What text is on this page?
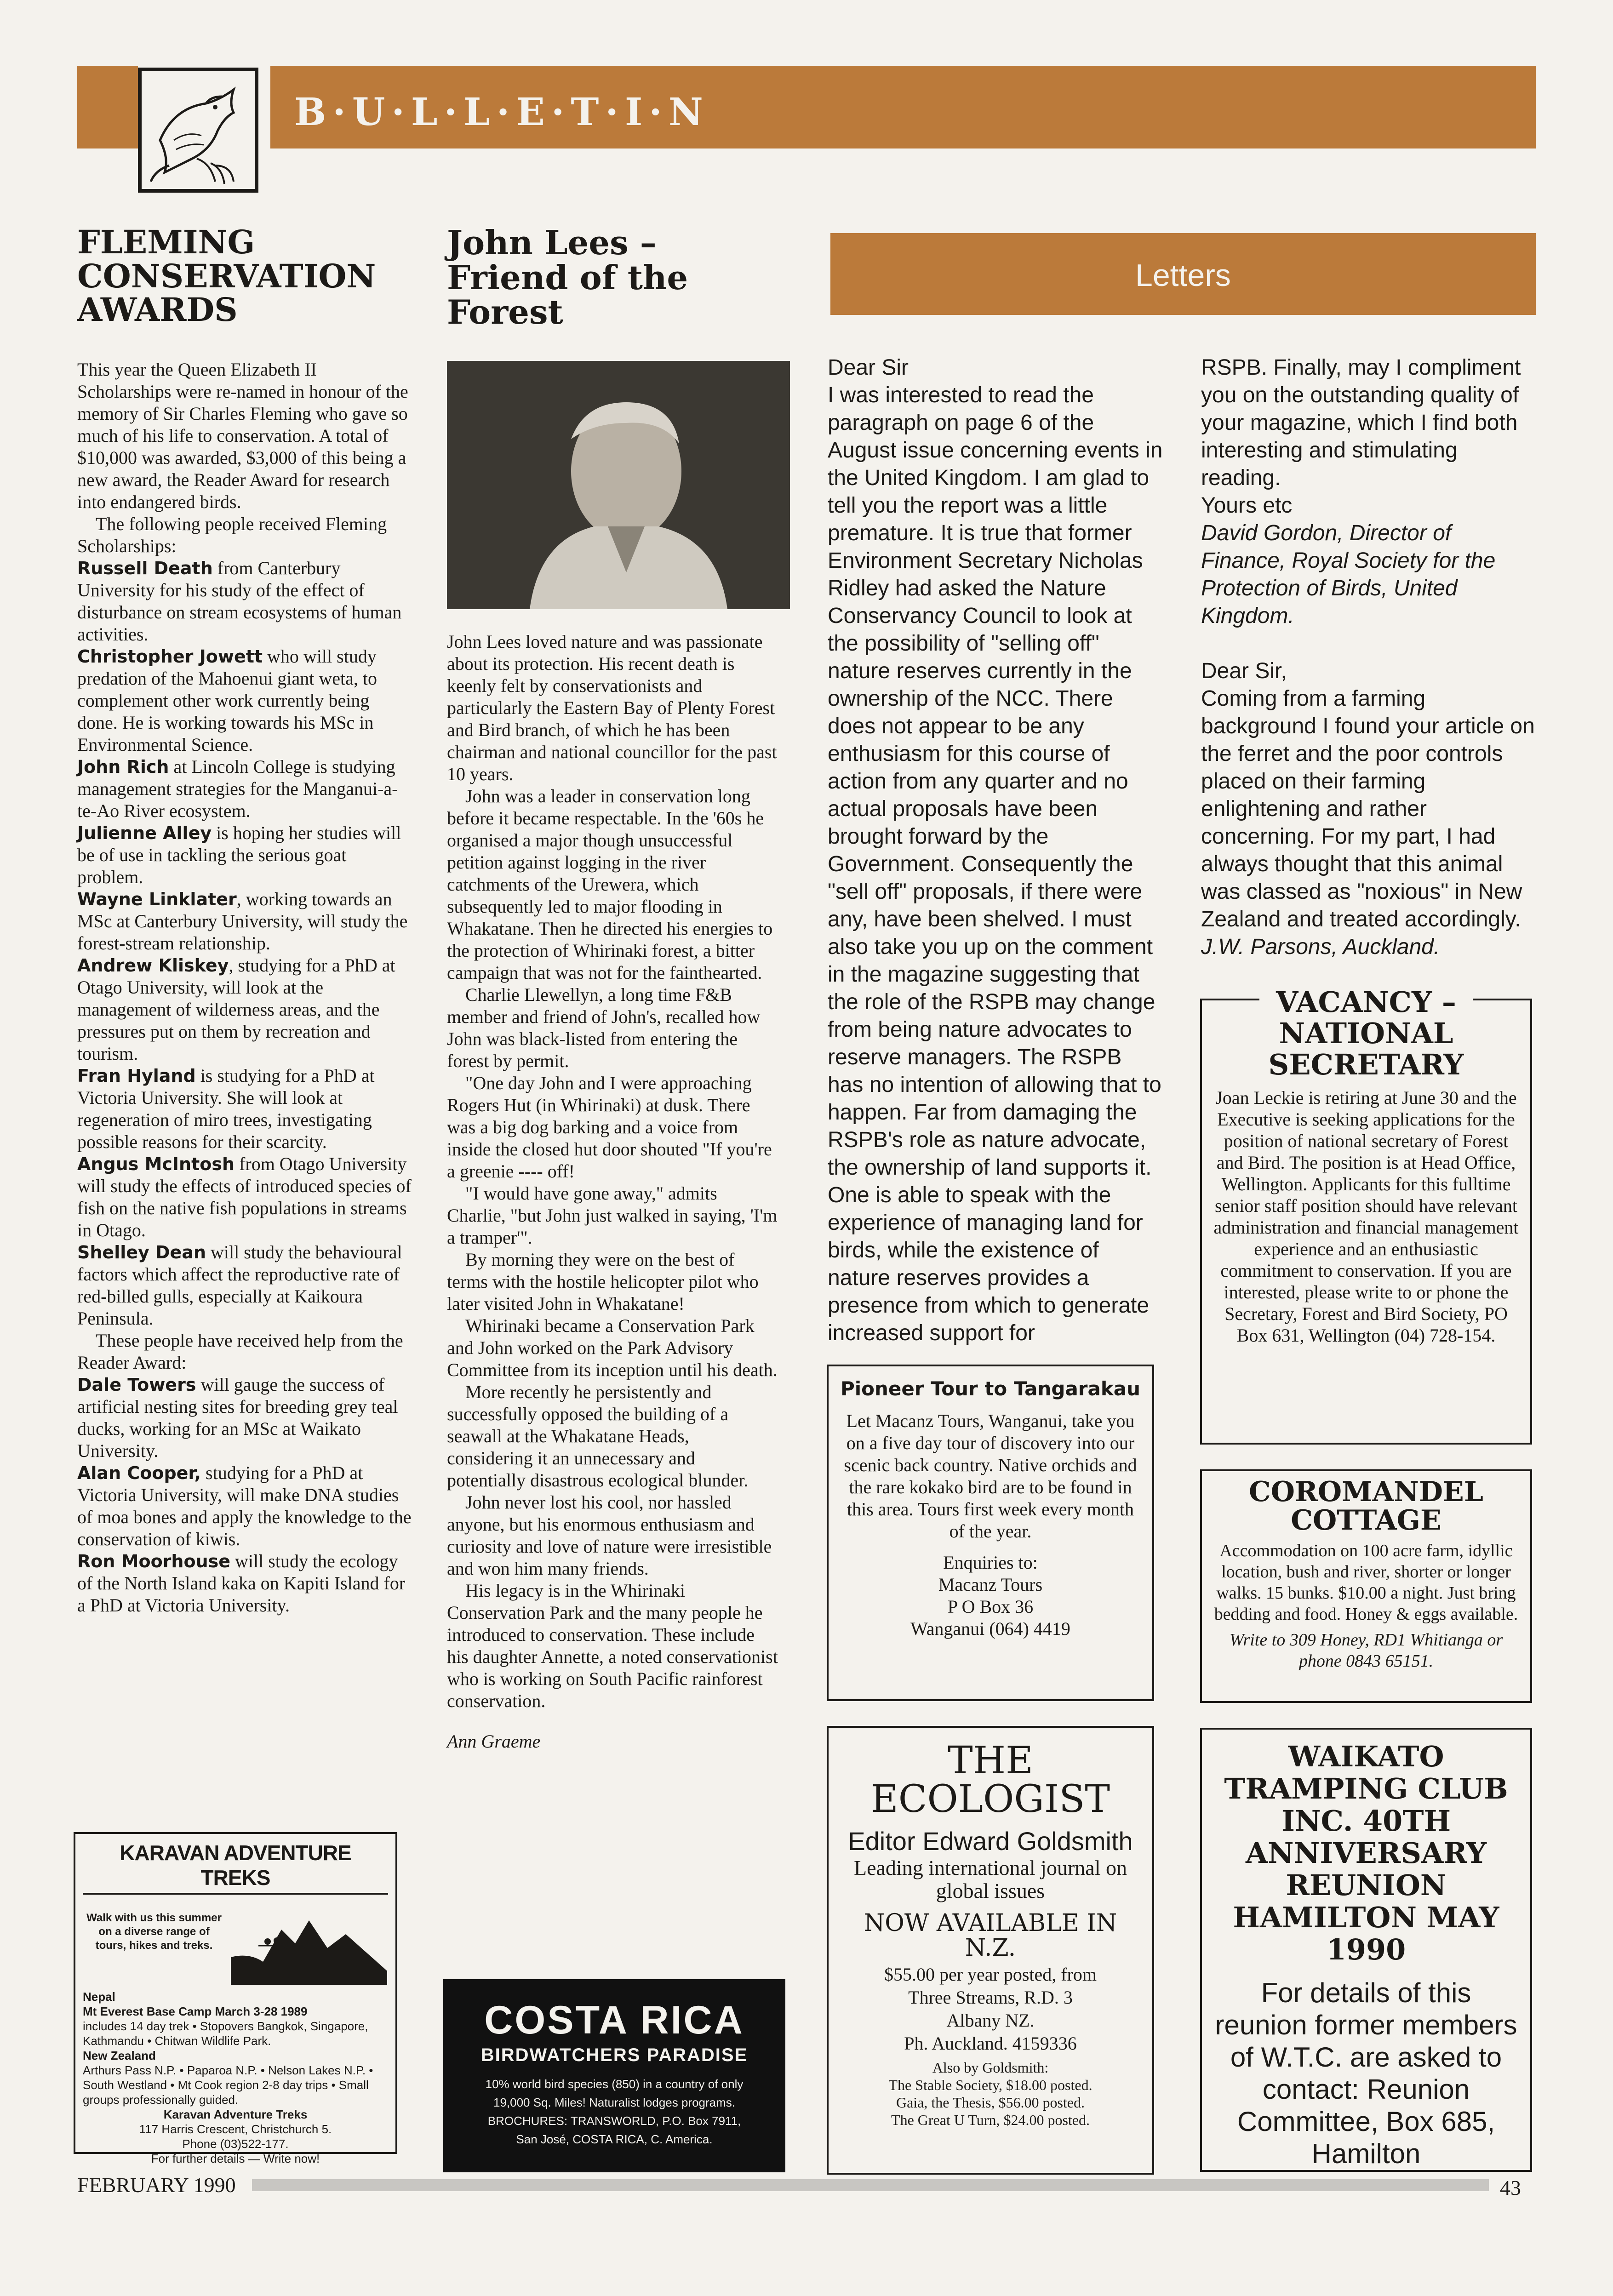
B·U·L·L·E·T·I·N
FLEMING
CONSERVATION
AWARDS

This year the Queen Elizabeth II Scholarships were re-named in honour of the memory of Sir Charles Fleming who gave so much of his life to conservation. A total of $10,000 was awarded, $3,000 of this being a new award, the Reader Award for research into endangered birds.

The following people received Fleming Scholarships:

Russell Death from Canterbury University for his study of the effect of disturbance on stream ecosystems of human activities.

Christopher Jowett who will study predation of the Mahoenui giant weta, to complement other work currently being done. He is working towards his MSc in Environmental Science.

John Rich at Lincoln College is studying management strategies for the Manganui-a-te-Ao River ecosystem.

Julienne Alley is hoping her studies will be of use in tackling the serious goat problem.

Wayne Linklater, working towards an MSc at Canterbury University, will study the forest-stream relationship.

Andrew Kliskey, studying for a PhD at Otago University, will look at the management of wilderness areas, and the pressures put on them by recreation and tourism.

Fran Hyland is studying for a PhD at Victoria University. She will look at regeneration of miro trees, investigating possible reasons for their scarcity.

Angus McIntosh from Otago University will study the effects of introduced species of fish on the native fish populations in streams in Otago.

Shelley Dean will study the behavioural factors which affect the reproductive rate of red-billed gulls, especially at Kaikoura Peninsula.

These people have received help from the Reader Award:

Dale Towers will gauge the success of artificial nesting sites for breeding grey teal ducks, working for an MSc at Waikato University.

Alan Cooper, studying for a PhD at Victoria University, will make DNA studies of moa bones and apply the knowledge to the conservation of kiwis.

Ron Moorhouse will study the ecology of the North Island kaka on Kapiti Island for a PhD at Victoria University.

KARAVAN ADVENTURE TREKS
Walk with us this summer on a diverse range of tours, hikes and treks.
Nepal
Mt Everest Base Camp March 3-28 1989
includes 14 day trek • Stopovers Bangkok, Singapore, Kathmandu • Chitwan Wildlife Park.
New Zealand
Arthurs Pass N.P. • Paparoa N.P. • Nelson Lakes N.P. • South Westland • Mt Cook region 2-8 day trips • Small groups professionally guided.
Karavan Adventure Treks
117 Harris Crescent, Christchurch 5.
Phone (03)522-177.
For further details — Write now!
John Lees –
Friend of the
Forest

John Lees loved nature and was passionate about its protection. His recent death is keenly felt by conservationists and particularly the Eastern Bay of Plenty Forest and Bird branch, of which he has been chairman and national councillor for the past 10 years.

John was a leader in conservation long before it became respectable. In the '60s he organised a major though unsuccessful petition against logging in the river catchments of the Urewera, which subsequently led to major flooding in Whakatane. Then he directed his energies to the protection of Whirinaki forest, a bitter campaign that was not for the fainthearted.

Charlie Llewellyn, a long time F&B member and friend of John's, recalled how John was black-listed from entering the forest by permit.

"One day John and I were approaching Rogers Hut (in Whirinaki) at dusk. There was a big dog barking and a voice from inside the closed hut door shouted "If you're a greenie ---- off!

"I would have gone away," admits Charlie, "but John just walked in saying, 'I'm a tramper'".

By morning they were on the best of terms with the hostile helicopter pilot who later visited John in Whakatane!

Whirinaki became a Conservation Park and John worked on the Park Advisory Committee from its inception until his death.

More recently he persistently and successfully opposed the building of a seawall at the Whakatane Heads, considering it an unnecessary and potentially disastrous ecological blunder.

John never lost his cool, nor hassled anyone, but his enormous enthusiasm and curiosity and love of nature were irresistible and won him many friends.

His legacy is in the Whirinaki Conservation Park and the many people he introduced to conservation. These include his daughter Annette, a noted conservationist who is working on South Pacific rainforest conservation.

Ann Graeme

COSTA RICA
BIRDWATCHERS PARADISE
10% world bird species (850) in a country of only
19,000 Sq. Miles! Naturalist lodges programs.
BROCHURES: TRANSWORLD, P.O. Box 7911,
San José, COSTA RICA, C. America.
Letters

Dear Sir

I was interested to read the paragraph on page 6 of the August issue concerning events in the United Kingdom. I am glad to tell you the report was a little premature. It is true that former Environment Secretary Nicholas Ridley had asked the Nature Conservancy Council to look at the possibility of "selling off" nature reserves currently in the ownership of the NCC. There does not appear to be any enthusiasm for this course of action from any quarter and no actual proposals have been brought forward by the Government. Consequently the "sell off" proposals, if there were any, have been shelved. I must also take you up on the comment in the magazine suggesting that the role of the RSPB may change from being nature advocates to reserve managers. The RSPB has no intention of allowing that to happen. Far from damaging the RSPB's role as nature advocate, the ownership of land supports it. One is able to speak with the experience of managing land for birds, while the existence of nature reserves provides a presence from which to generate increased support for

RSPB. Finally, may I compliment you on the outstanding quality of your magazine, which I find both interesting and stimulating reading.

Yours etc

David Gordon, Director of Finance, Royal Society for the Protection of Birds, United Kingdom.

Dear Sir,

Coming from a farming background I found your article on the ferret and the poor controls placed on their farming enlightening and rather concerning. For my part, I had always thought that this animal was classed as "noxious" in New Zealand and treated accordingly.

J.W. Parsons, Auckland.

Pioneer Tour to Tangarakau
Let Macanz Tours, Wanganui, take you on a five day tour of discovery into our scenic back country. Native orchids and the rare kokako bird are to be found in this area. Tours first week every month of the year.
Enquiries to:
Macanz Tours
P O Box 36
Wanganui (064) 4419
THE
ECOLOGIST
Editor Edward Goldsmith
Leading international journal on global issues
NOW AVAILABLE IN N.Z.
$55.00 per year posted, from
Three Streams, R.D. 3
Albany NZ.
Ph. Auckland. 4159336
Also by Goldsmith:
The Stable Society, $18.00 posted.
Gaia, the Thesis, $56.00 posted.
The Great U Turn, $24.00 posted.
VACANCY –
NATIONAL
SECRETARY
Joan Leckie is retiring at June 30 and the Executive is seeking applications for the position of national secretary of Forest and Bird. The position is at Head Office, Wellington. Applicants for this fulltime senior staff position should have relevant administration and financial management experience and an enthusiastic commitment to conservation. If you are interested, please write to or phone the Secretary, Forest and Bird Society, PO Box 631, Wellington (04) 728-154.
COROMANDEL
COTTAGE
Accommodation on 100 acre farm, idyllic location, bush and river, shorter or longer walks. 15 bunks. $10.00 a night. Just bring bedding and food. Honey & eggs available.
Write to 309 Honey, RD1 Whitianga or phone 0843 65151.
WAIKATO TRAMPING CLUB INC. 40TH ANNIVERSARY REUNION HAMILTON MAY 1990
For details of this reunion former members of W.T.C. are asked to contact: Reunion Committee, Box 685, Hamilton
FEBRUARY 1990	43
